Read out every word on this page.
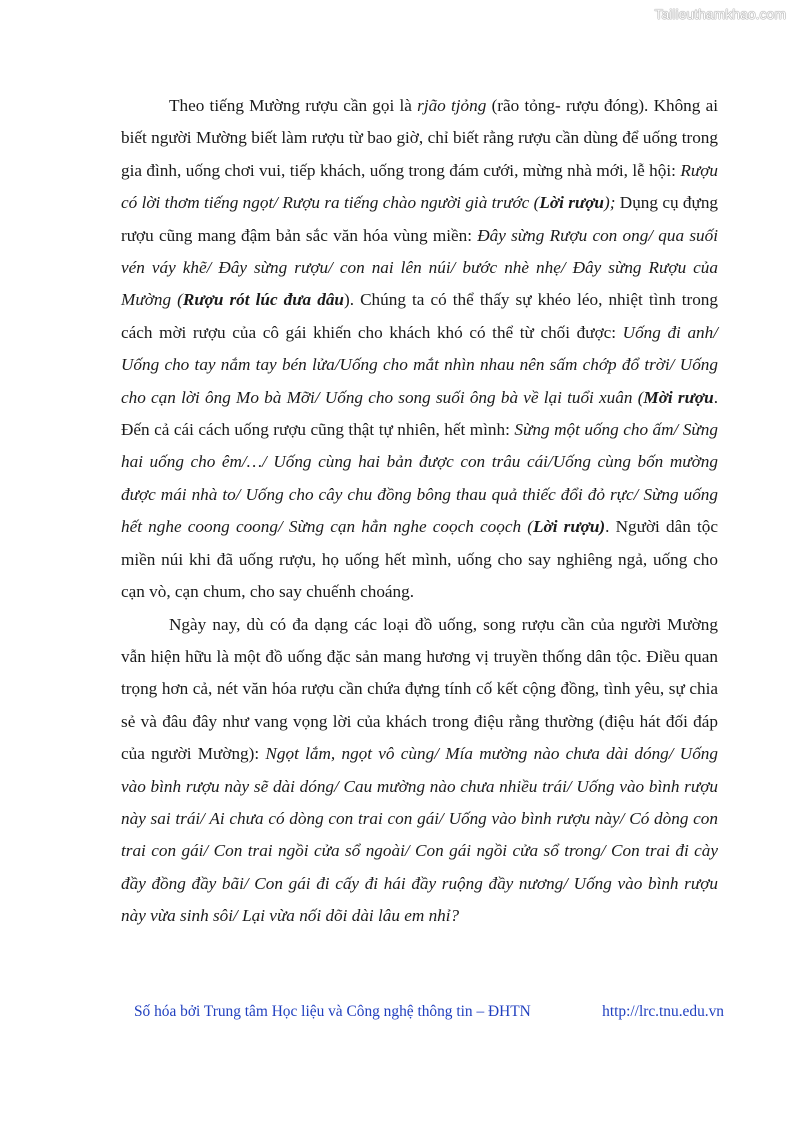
Tailieuthamkhao.com

Theo tiếng Mường rượu cần gọi là rjão tjỏng (rão tỏng- rượu đóng). Không ai biết người Mường biết làm rượu từ bao giờ, chỉ biết rằng rượu cần dùng để uống trong gia đình, uống chơi vui, tiếp khách, uống trong đám cưới, mừng nhà mới, lễ hội: Rượu có lời thơm tiếng ngọt/ Rượu ra tiếng chào người già trước (Lời rượu); Dụng cụ đựng rượu cũng mang đậm bản sắc văn hóa vùng miền: Đây sừng Rượu con ong/ qua suối vén váy khẽ/ Đây sừng rượu/ con nai lên núi/ bước nhè nhẹ/ Đây sừng Rượu của Mường (Rượu rót lúc đưa dâu). Chúng ta có thể thấy sự khéo léo, nhiệt tình trong cách mời rượu của cô gái khiến cho khách khó có thể từ chối được: Uống đi anh/ Uống cho tay nắm tay bén lửa/Uống cho mắt nhìn nhau nên sấm chớp đổ trời/ Uống cho cạn lời ông Mo bà Mỡi/ Uống cho song suối ông bà về lại tuổi xuân (Mời rượu. Đến cả cái cách uống rượu cũng thật tự nhiên, hết mình: Sừng một uống cho ấm/ Sừng hai uống cho êm/…/ Uống cùng hai bản được con trâu cái/Uống cùng bốn mường được mái nhà to/ Uống cho cây chu đồng bông thau quả thiếc đổi đỏ rực/ Sừng uống hết nghe coong coong/ Sừng cạn hẳn nghe coọch coọch (Lời rượu). Người dân tộc miền núi khi đã uống rượu, họ uống hết mình, uống cho say nghiêng ngả, uống cho cạn vò, cạn chum, cho say chuếnh choáng.

Ngày nay, dù có đa dạng các loại đồ uống, song rượu cần của người Mường vẫn hiện hữu là một đồ uống đặc sản mang hương vị truyền thống dân tộc. Điều quan trọng hơn cả, nét văn hóa rượu cần chứa đựng tính cố kết cộng đồng, tình yêu, sự chia sẻ và đâu đây như vang vọng lời của khách trong điệu rằng thường (điệu hát đối đáp của người Mường): Ngọt lắm, ngọt vô cùng/ Mía mường nào chưa dài dóng/ Uống vào bình rượu này sẽ dài dóng/ Cau mường nào chưa nhiều trái/ Uống vào bình rượu này sai trái/ Ai chưa có dòng con trai con gái/ Uống vào bình rượu này/ Có dòng con trai con gái/ Con trai ngồi cửa sổ ngoài/ Con gái ngồi cửa sổ trong/ Con trai đi cày đầy đồng đầy bãi/ Con gái đi cấy đi hái đầy ruộng đầy nương/ Uống vào bình rượu này vừa sinh sôi/ Lại vừa nối dõi dài lâu em nhỉ?

Số hóa bởi Trung tâm Học liệu và Công nghệ thông tin – ĐHTN	http://lrc.tnu.edu.vn
